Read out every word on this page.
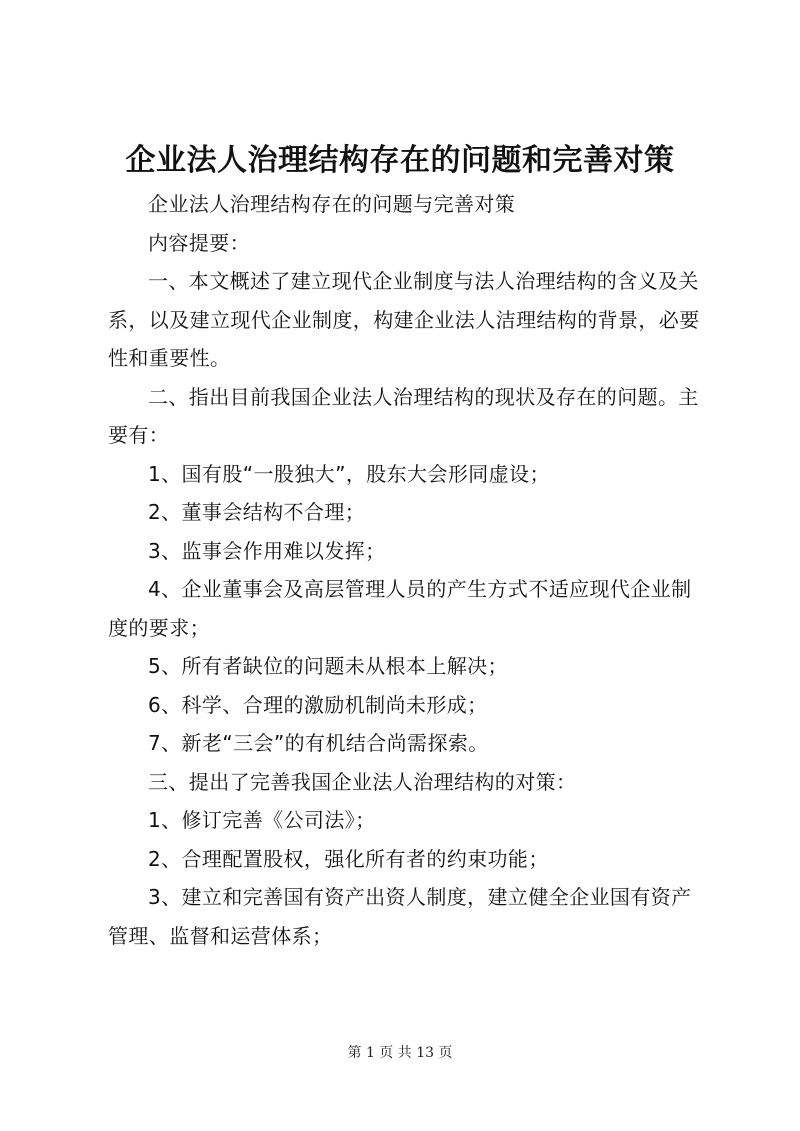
企业法人治理结构存在的问题和完善对策

企业法人治理结构存在的问题与完善对策

内容提要：

一、本文概述了建立现代企业制度与法人治理结构的含义及关系，以及建立现代企业制度，构建企业法人洁理结构的背景，必要性和重要性。

二、指出目前我国企业法人治理结构的现状及存在的问题。主要有：

1、国有股“一股独大”，股东大会形同虚设；

2、董事会结构不合理；

3、监事会作用难以发挥；

4、企业董事会及高层管理人员的产生方式不适应现代企业制度的要求；

5、所有者缺位的问题未从根本上解决；

6、科学、合理的激励机制尚未形成；

7、新老“三会”的有机结合尚需探索。

三、提出了完善我国企业法人治理结构的对策：

1、修订完善《公司法》；

2、合理配置股权，强化所有者的约束功能；

3、建立和完善国有资产出资人制度，建立健全企业国有资产管理、监督和运营体系；

第 1 页 共 13 页
